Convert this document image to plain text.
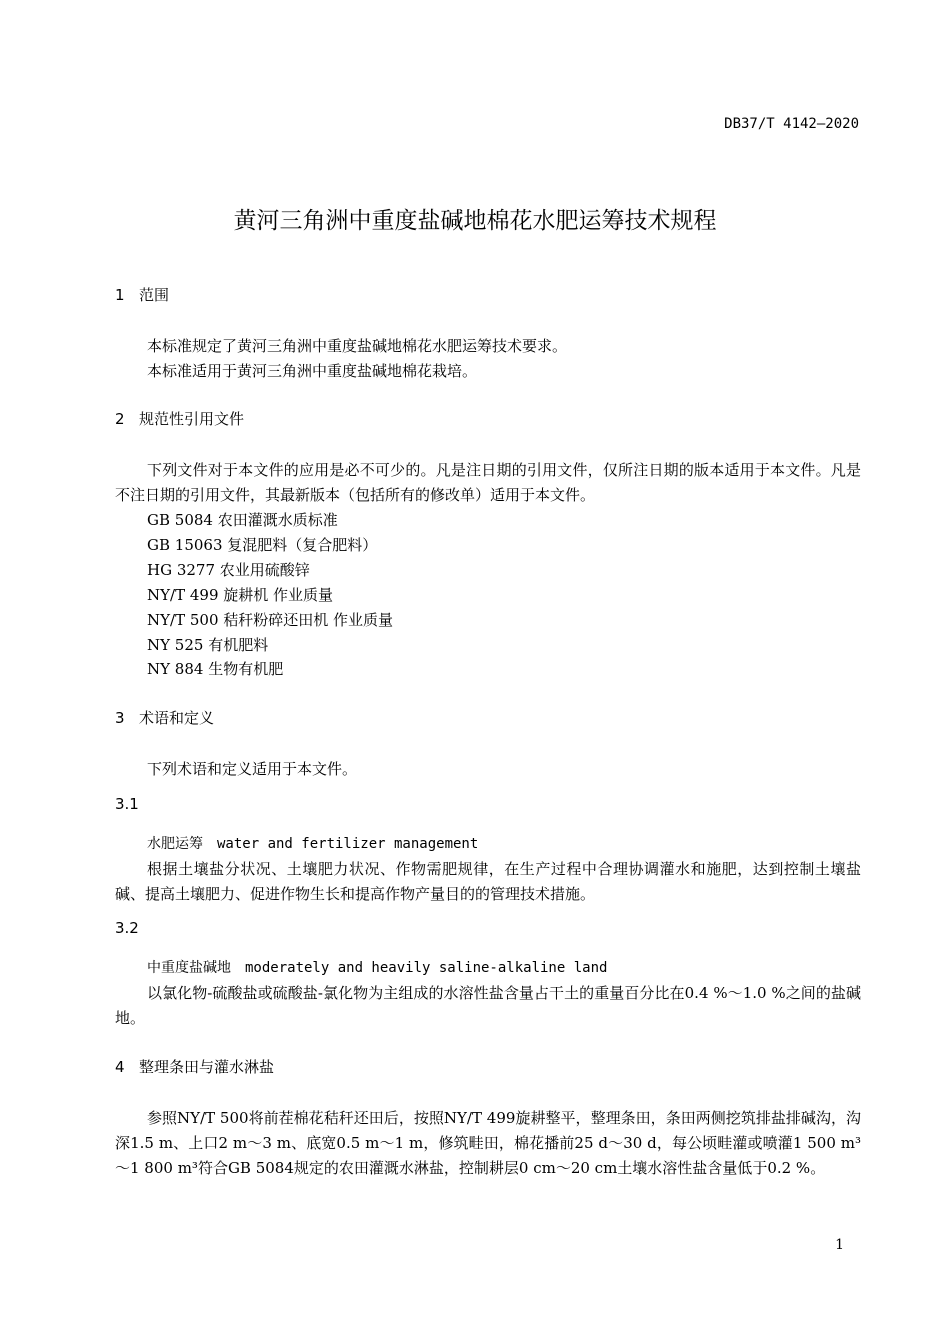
DB37/T 4142—2020
黄河三角洲中重度盐碱地棉花水肥运筹技术规程
1 范围
本标准规定了黄河三角洲中重度盐碱地棉花水肥运筹技术要求。
本标准适用于黄河三角洲中重度盐碱地棉花栽培。
2 规范性引用文件
下列文件对于本文件的应用是必不可少的。凡是注日期的引用文件，仅所注日期的版本适用于本文件。凡是不注日期的引用文件，其最新版本（包括所有的修改单）适用于本文件。
GB 5084 农田灌溉水质标准
GB 15063 复混肥料（复合肥料）
HG 3277 农业用硫酸锌
NY/T 499 旋耕机 作业质量
NY/T 500 秸秆粉碎还田机 作业质量
NY 525 有机肥料
NY 884 生物有机肥
3 术语和定义
下列术语和定义适用于本文件。
3.1
水肥运筹 water and fertilizer management
根据土壤盐分状况、土壤肥力状况、作物需肥规律，在生产过程中合理协调灌水和施肥，达到控制土壤盐碱、提高土壤肥力、促进作物生长和提高作物产量目的的管理技术措施。
3.2
中重度盐碱地 moderately and heavily saline-alkaline land
以氯化物-硫酸盐或硫酸盐-氯化物为主组成的水溶性盐含量占干土的重量百分比在0.4 %～1.0 %之间的盐碱地。
4 整理条田与灌水淋盐
参照NY/T 500将前茬棉花秸秆还田后，按照NY/T 499旋耕整平，整理条田，条田两侧挖筑排盐排碱沟，沟深1.5 m、上口2 m～3 m、底宽0.5 m～1 m，修筑畦田，棉花播前25 d～30 d，每公顷畦灌或喷灌1 500 m³～1 800 m³符合GB 5084规定的农田灌溉水淋盐，控制耕层0 cm～20 cm土壤水溶性盐含量低于0.2 %。
1
